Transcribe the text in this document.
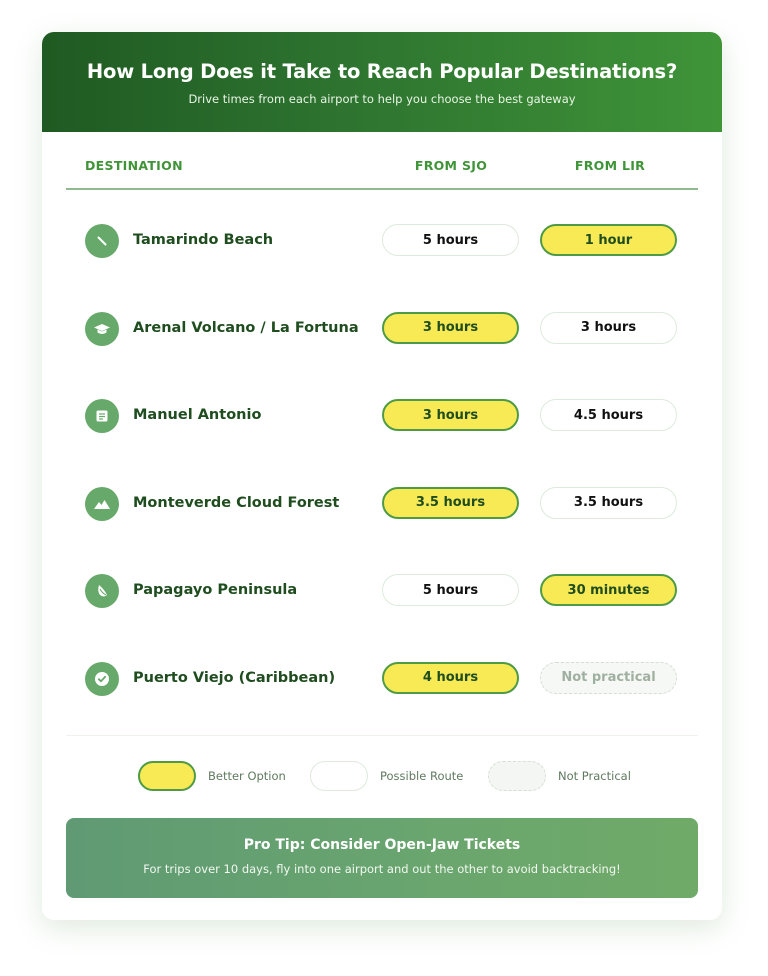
How Long Does it Take to Reach Popular Destinations?

Drive times from each airport to help you choose the best gateway

DESTINATION	FROM SJO	FROM LIR
Tamarindo Beach	5 hours	1 hour
Arenal Volcano / La Fortuna	3 hours	3 hours
Manuel Antonio	3 hours	4.5 hours
Monteverde Cloud Forest	3.5 hours	3.5 hours
Papagayo Peninsula	5 hours	30 minutes
Puerto Viejo (Caribbean)	4 hours	Not practical
Better Option	Possible Route	Not Practical
Pro Tip: Consider Open-Jaw Tickets

For trips over 10 days, fly into one airport and out the other to avoid backtracking!
